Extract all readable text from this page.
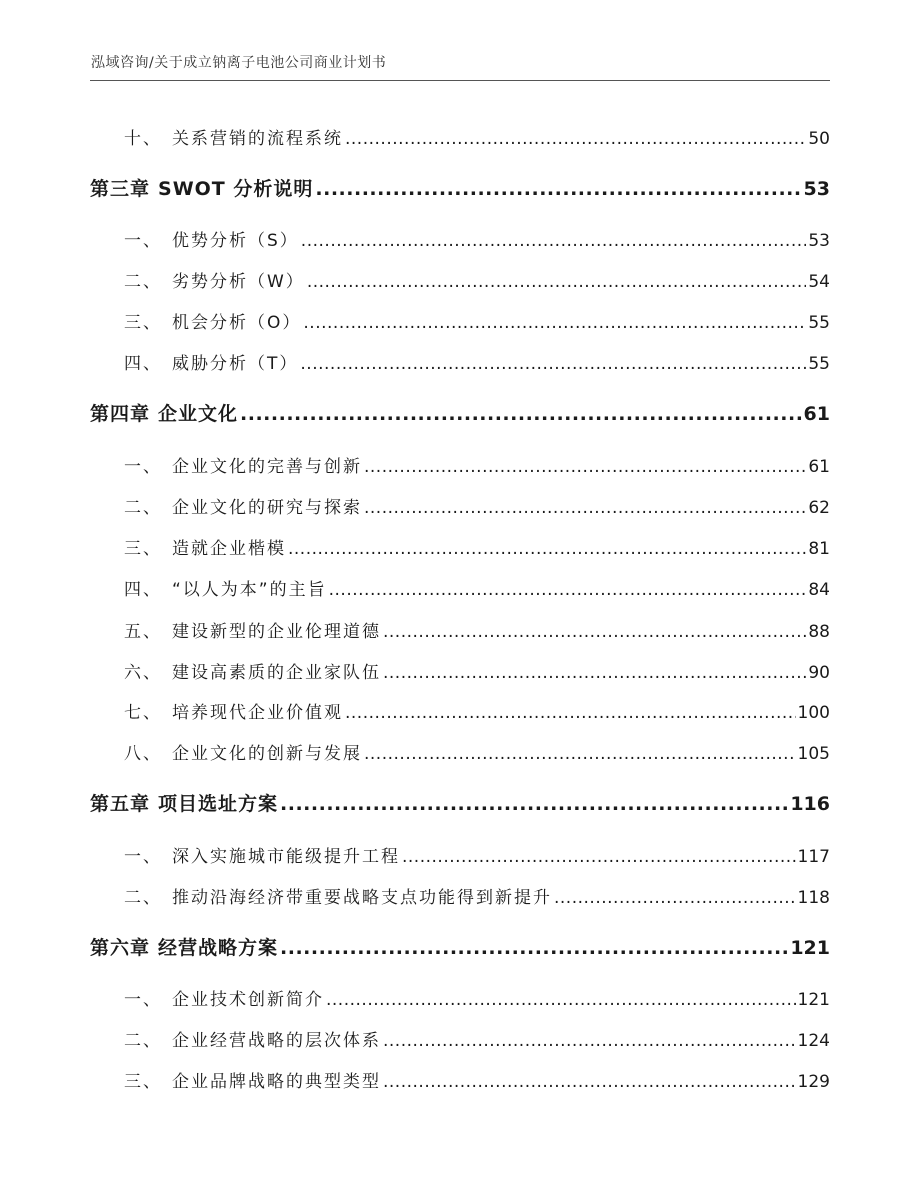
泓域咨询/关于成立钠离子电池公司商业计划书
十、 关系营销的流程系统 .....	50
第三章 SWOT 分析说明 .....	53
一、 优势分析（S） .....	53
二、 劣势分析（W） .....	54
三、 机会分析（O） .....	55
四、 威胁分析（T） .....	55
第四章 企业文化 .....	61
一、 企业文化的完善与创新 .....	61
二、 企业文化的研究与探索 .....	62
三、 造就企业楷模 .....	81
四、 “以人为本”的主旨 .....	84
五、 建设新型的企业伦理道德 .....	88
六、 建设高素质的企业家队伍 .....	90
七、 培养现代企业价值观 .....	100
八、 企业文化的创新与发展 .....	105
第五章 项目选址方案 .....	116
一、 深入实施城市能级提升工程 .....	117
二、 推动沿海经济带重要战略支点功能得到新提升 .....	118
第六章 经营战略方案 .....	121
一、 企业技术创新简介 .....	121
二、 企业经营战略的层次体系 .....	124
三、 企业品牌战略的典型类型 .....	129
